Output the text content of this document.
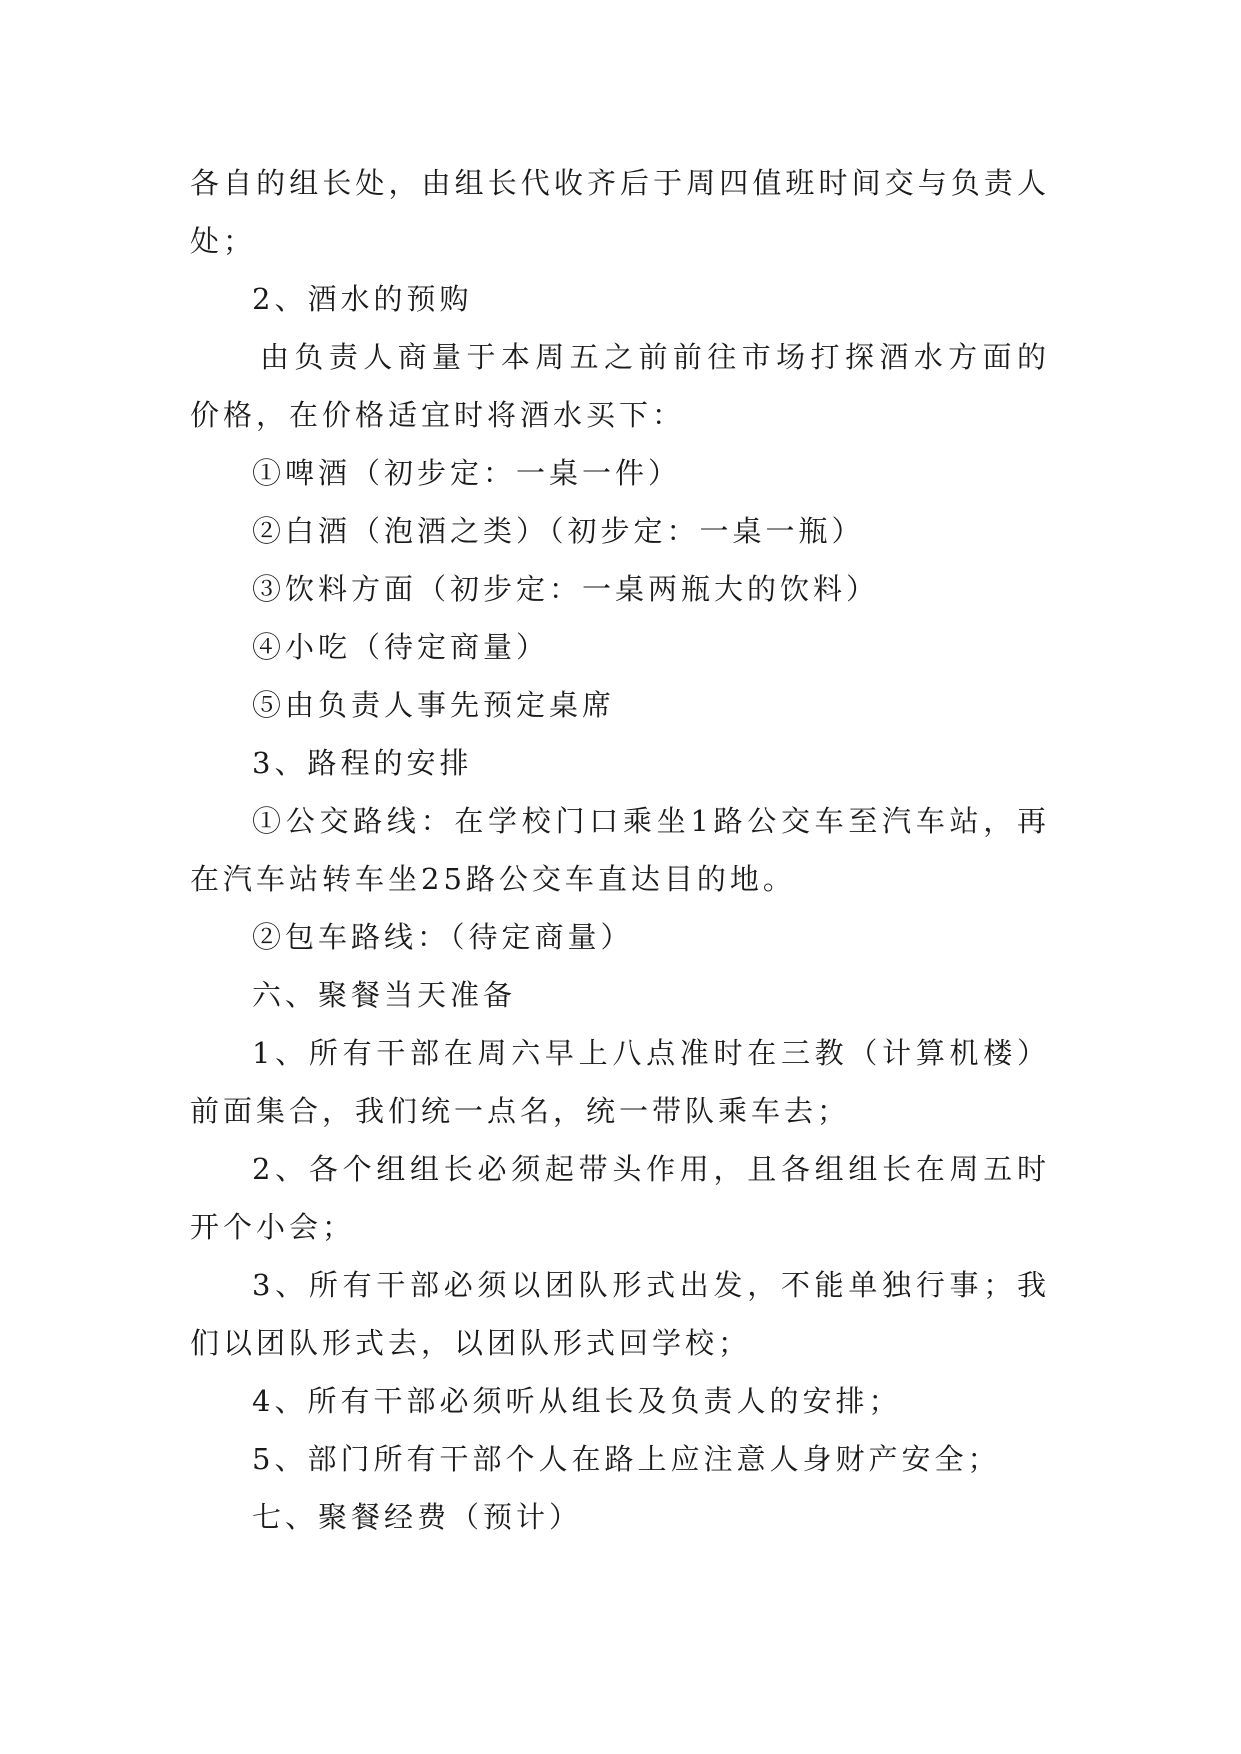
各自的组长处，由组长代收齐后于周四值班时间交与负责人处；

2、酒水的预购

由负责人商量于本周五之前前往市场打探酒水方面的价格，在价格适宜时将酒水买下：

①啤酒（初步定：一桌一件）

②白酒（泡酒之类）（初步定：一桌一瓶）

③饮料方面（初步定：一桌两瓶大的饮料）

④小吃（待定商量）

⑤由负责人事先预定桌席

3、路程的安排

①公交路线：在学校门口乘坐1路公交车至汽车站，再在汽车站转车坐25路公交车直达目的地。

②包车路线：（待定商量）

六、聚餐当天准备

1、所有干部在周六早上八点准时在三教（计算机楼）前面集合，我们统一点名，统一带队乘车去；

2、各个组组长必须起带头作用，且各组组长在周五时开个小会；

3、所有干部必须以团队形式出发，不能单独行事；我们以团队形式去，以团队形式回学校；

4、所有干部必须听从组长及负责人的安排；

5、部门所有干部个人在路上应注意人身财产安全；

七、聚餐经费（预计）
